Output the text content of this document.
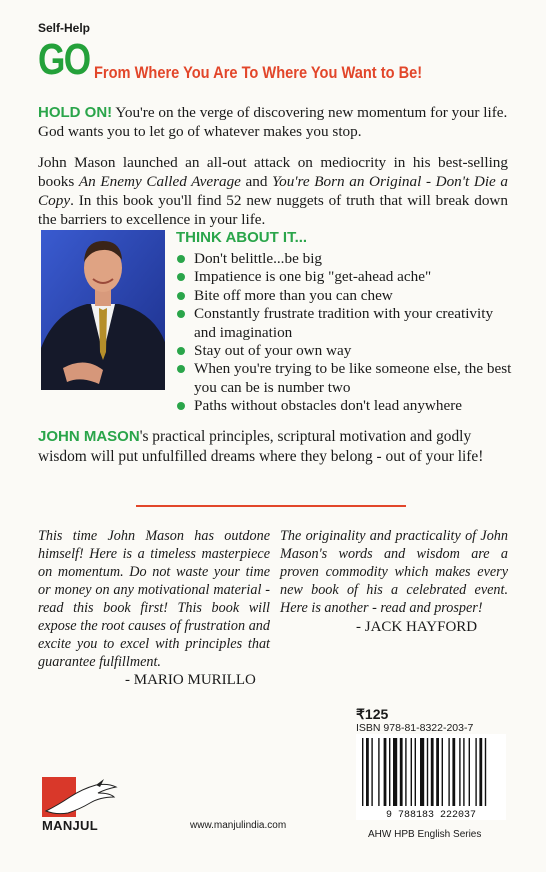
Self-Help
GO From Where You Are To Where You Want to Be!
HOLD ON! You're on the verge of discovering new momentum for your life. God wants you to let go of whatever makes you stop.
John Mason launched an all-out attack on mediocrity in his best-selling books An Enemy Called Average and You're Born an Original - Don't Die a Copy. In this book you'll find 52 new nuggets of truth that will break down the barriers to excellence in your life.
THINK ABOUT IT...
Don't belittle...be big
Impatience is one big "get-ahead ache"
Bite off more than you can chew
Constantly frustrate tradition with your creativity and imagination
Stay out of your own way
When you're trying to be like someone else, the best you can be is number two
Paths without obstacles don't lead anywhere
JOHN MASON's practical principles, scriptural motivation and godly wisdom will put unfulfilled dreams where they belong - out of your life!
This time John Mason has outdone himself! Here is a timeless masterpiece on momentum. Do not waste your time or money on any motivational material - read this book first! This book will expose the root causes of frustration and excite you to excel with principles that guarantee fulfillment.
- MARIO MURILLO
The originality and practicality of John Mason's words and wisdom are a proven commodity which makes every new book of his a celebrated event. Here is another - read and prosper!
- JACK HAYFORD
₹125
ISBN 978-81-8322-203-7
9 788183 222037
AHW HPB English Series
MANJUL	www.manjulindia.com
